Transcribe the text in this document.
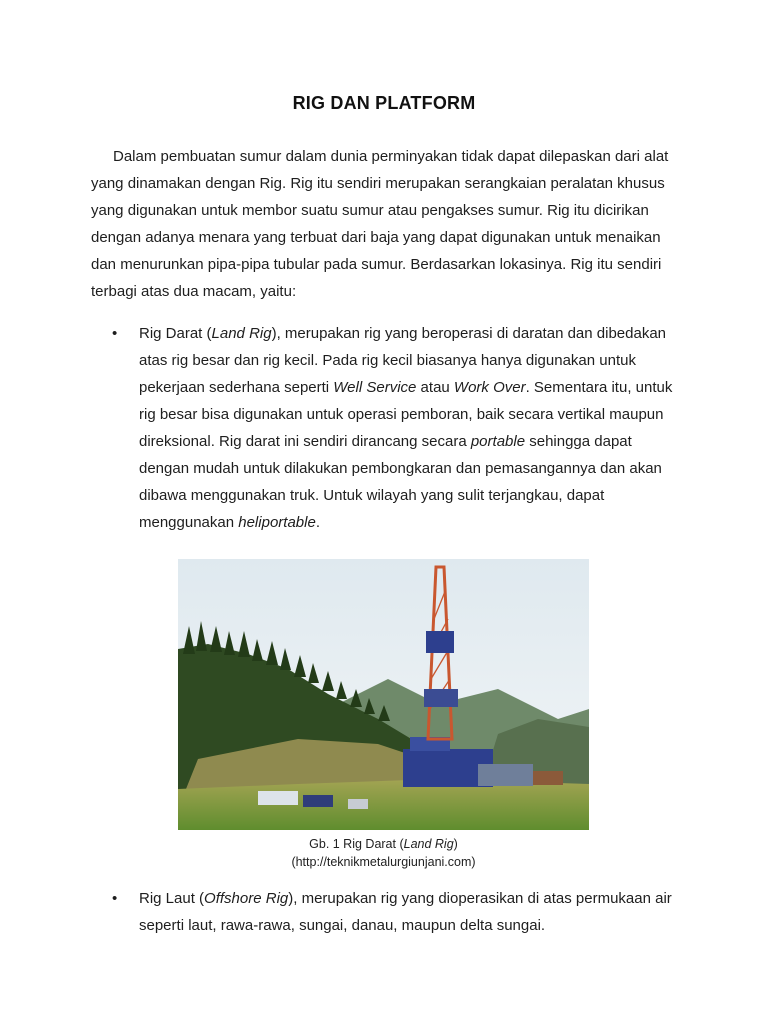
RIG DAN PLATFORM

Dalam pembuatan sumur dalam dunia perminyakan tidak dapat dilepaskan dari alat yang dinamakan dengan Rig. Rig itu sendiri merupakan serangkaian peralatan khusus yang digunakan untuk membor suatu sumur atau pengakses sumur. Rig itu dicirikan dengan adanya menara yang terbuat dari baja yang dapat digunakan untuk menaikan dan menurunkan pipa-pipa tubular pada sumur. Berdasarkan lokasinya. Rig itu sendiri terbagi atas dua macam, yaitu:

•	Rig Darat (Land Rig), merupakan rig yang beroperasi di daratan dan dibedakan atas rig besar dan rig kecil. Pada rig kecil biasanya hanya digunakan untuk pekerjaan sederhana seperti Well Service atau Work Over. Sementara itu, untuk rig besar bisa digunakan untuk operasi pemboran, baik secara vertikal maupun direksional. Rig darat ini sendiri dirancang secara portable sehingga dapat dengan mudah untuk dilakukan pembongkaran dan pemasangannya dan akan dibawa menggunakan truk. Untuk wilayah yang sulit terjangkau, dapat menggunakan heliportable.

Gb. 1 Rig Darat (Land Rig)
(http://teknikmetalurgiunjani.com)
•	Rig Laut (Offshore Rig), merupakan rig yang dioperasikan di atas permukaan air seperti laut, rawa-rawa, sungai, danau, maupun delta sungai.
